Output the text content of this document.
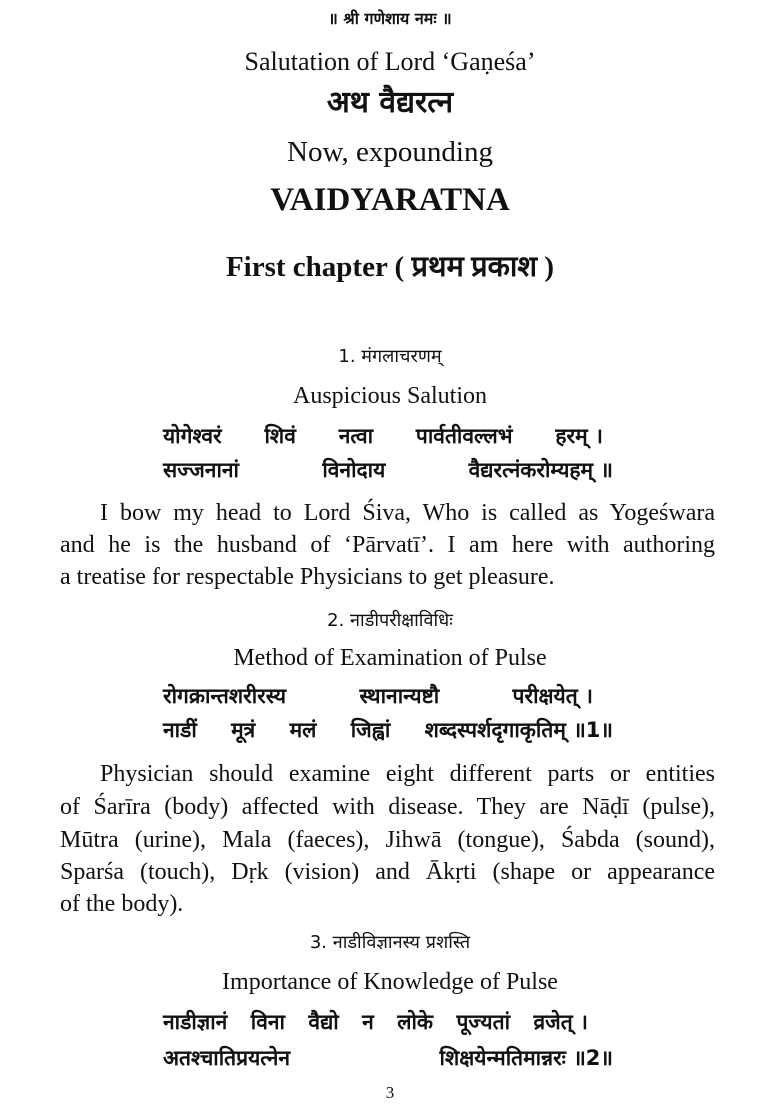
॥ श्री गणेशाय नमः ॥
Salutation of Lord ‘Gaṇeśa’
अथ वैद्यरत्न
Now, expounding
VAIDYARATNA
First chapter ( प्रथम प्रकाश )
1. मंगलाचरणम्
Auspicious Salution
योगेश्वरं शिवं नत्वा पार्वतीवल्लभं हरम् ।
सज्जनानां	विनोदाय	वैद्यरत्नंकरोम्यहम् ॥
I bow my head to Lord Śiva, Who is called as Yogeśwara
and he is the husband of ‘Pārvatī’. I am here with authoring
a treatise for respectable Physicians to get pleasure.
2. नाडीपरीक्षाविधिः
Method of Examination of Pulse
रोगक्रान्तशरीरस्य	स्थानान्यष्टौ	परीक्षयेत् ।
नाडीं मूत्रं मलं जिह्वां शब्दस्पर्शदृगाकृतिम् ॥1॥
Physician should examine eight different parts or entities
of Śarīra (body) affected with disease. They are Nāḍī (pulse),
Mūtra (urine), Mala (faeces), Jihwā (tongue), Śabda (sound),
Sparśa (touch), Dṛk (vision) and Ākṛti (shape or appearance
of the body).
3. नाडीविज्ञानस्य प्रशस्ति
Importance of Knowledge of Pulse
नाडीज्ञानं विना वैद्यो न लोके पूज्यतां व्रजेत् ।
अतश्चातिप्रयत्नेन	शिक्षयेन्मतिमान्नरः ॥2॥
3
